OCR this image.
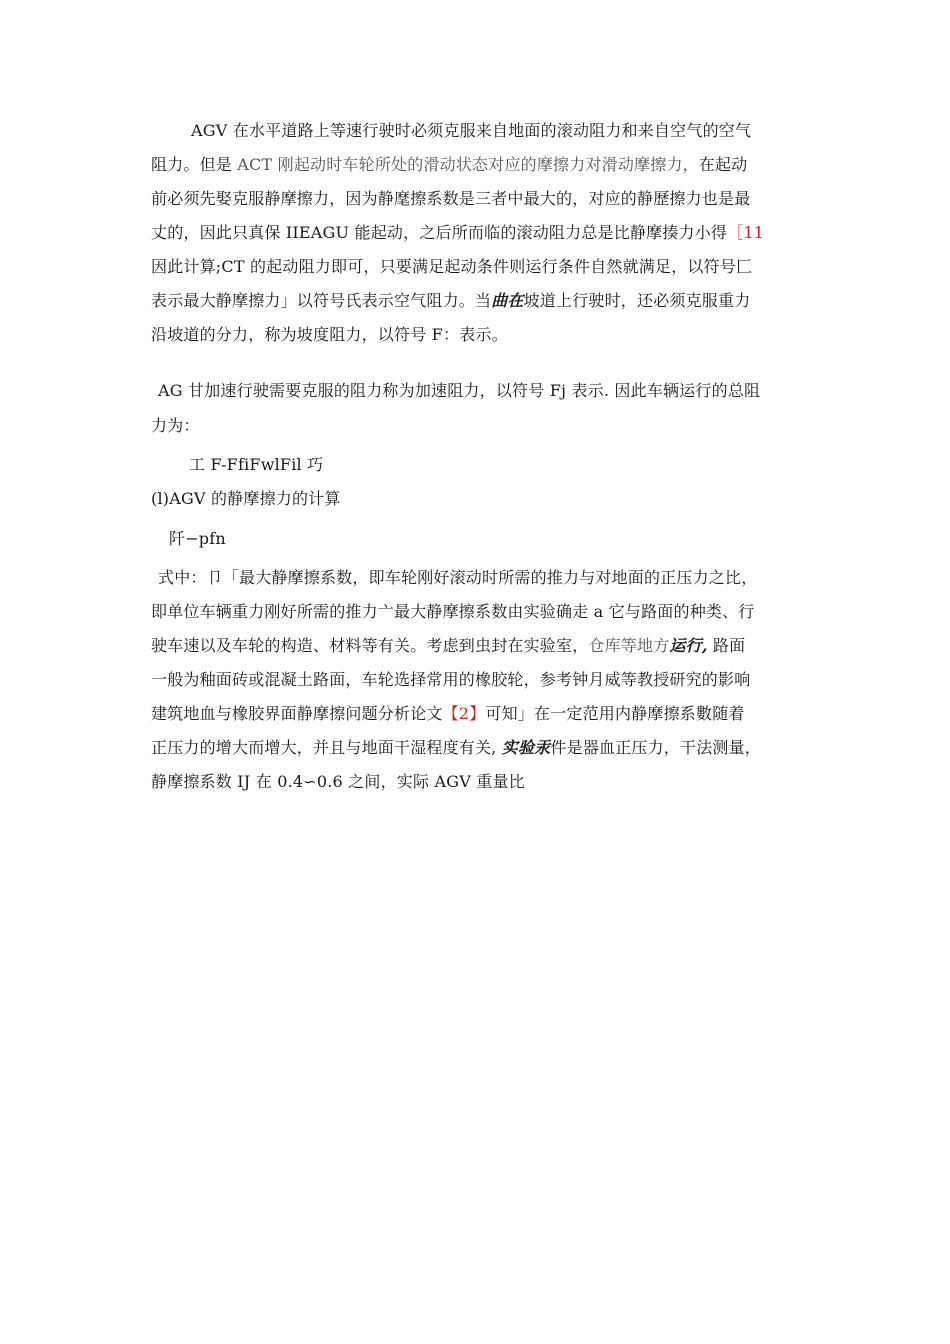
AGV 在水平道路上等速行驶时必须克服来自地面的滚动阻力和来自空气的空气
阻力。但是 ACT 刚起动时车轮所处的滑动状态对应的摩擦力对滑动摩擦力，在起动
前必须先娶克服静摩擦力，因为静麾擦系数是三者中最大的，对应的静歷擦力也是最
丈的，因此只真保 IIEAGU 能起动，之后所而临的滚动阻力总是比静摩揍力小得［11
因此计算;CT 的起动阻力即可，只要满足起动条件则运行条件自然就满足，以符号匚
表示最大静摩擦力」以符号氏表示空气阻力。当曲在坡道上行驶时，还必须克服重力
沿坡道的分力，称为坡度阻力，以符号 F：表示。
AG 甘加速行驶需要克服的阻力称为加速阻力，以符号 Fj 表示. 因此车辆运行的总阻
力为：
工 F-FfiFwlFil 巧
(l)AGV 的静摩擦力的计算
阡−pfn
式中：卩「最大静摩擦系数，即车轮刚好滚动时所需的推力与对地面的正压力之比，
即单位车辆重力刚好所需的推力亠最大静摩擦系数由实验确走 a 它与路面的种类、行
驶车速以及车轮的构造、材料等有关。考虑到虫封在实验室，仓库等地方运行, 路面
一般为釉面砖或混凝土路面，车轮选择常用的橡胶轮，参考钟月威等教授研究的影响
建筑地血与橡胶界面静摩擦问题分析论文【2】可知」在一定范用内静摩擦系數随着
正压力的增大而增大，并且与地面干湿程度有关, 实验汞件是器血正压力，干法测量，
静摩擦系数 IJ 在 0.4∽0.6 之间，实际 AGV 重量比
